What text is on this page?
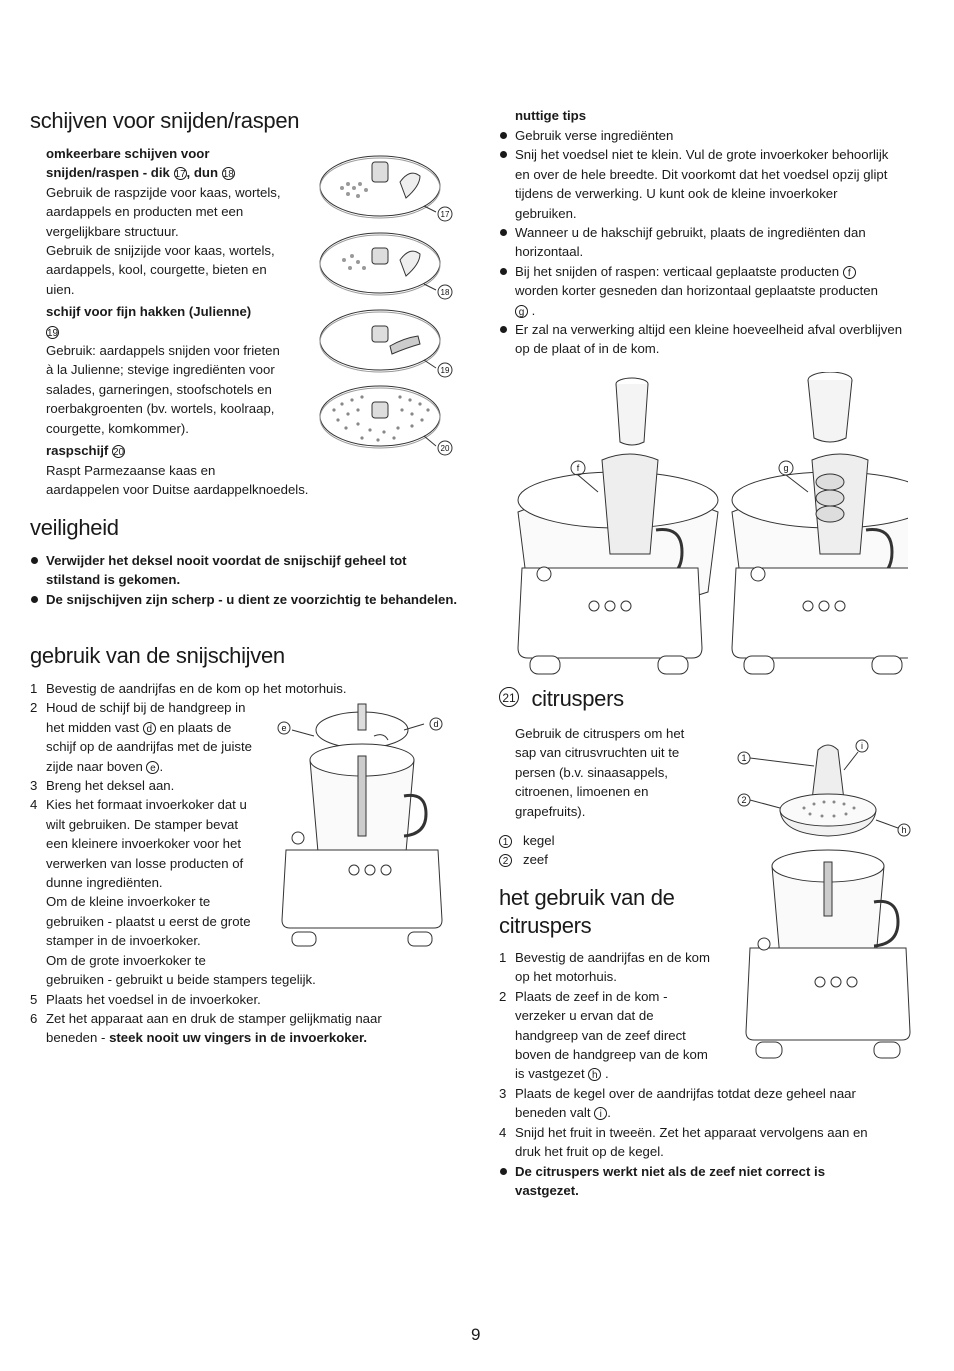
schijven voor snijden/raspen
omkeerbare schijven voor
snijden/raspen - dik 17, dun 18
Gebruik de raspzijde voor kaas, wortels,
aardappels en producten met een
vergelijkbare structuur.
Gebruik de snijzijde voor kaas, wortels,
aardappels, kool, courgette, bieten en
uien.
schijf voor fijn hakken (Julienne)
19
Gebruik: aardappels snijden voor frieten
à la Julienne; stevige ingrediënten voor
salades, garneringen, stoofschotels en
roerbakgroenten (bv. wortels, koolraap,
courgette, komkommer).
raspschijf 20
Raspt Parmezaanse kaas en
aardappelen voor Duitse aardappelknoedels.
17
18
19
20
veiligheid
Verwijder het deksel nooit voordat de snijschijf geheel tot stilstand is gekomen.
De snijschijven zijn scherp - u dient ze voorzichtig te behandelen.
gebruik van de snijschijven
1 Bevestig de aandrijfas en de kom op het motorhuis.
2 Houd de schijf bij de handgreep in
het midden vast d en plaats de
schijf op de aandrijfas met de juiste
zijde naar boven e .
3 Breng het deksel aan.
4 Kies het formaat invoerkoker dat u
wilt gebruiken. De stamper bevat
een kleinere invoerkoker voor het
verwerken van losse producten of
dunne ingrediënten.
Om de kleine invoerkoker te
gebruiken - plaatst u eerst de grote
stamper in de invoerkoker.
Om de grote invoerkoker te
gebruiken - gebruikt u beide stampers tegelijk.
5 Plaats het voedsel in de invoerkoker.
6 Zet het apparaat aan en druk de stamper gelijkmatig naar
beneden - steek nooit uw vingers in de invoerkoker.
e	d
nuttige tips
Gebruik verse ingrediënten
Snij het voedsel niet te klein. Vul de grote invoerkoker behoorlijk
en over de hele breedte. Dit voorkomt dat het voedsel opzij glipt
tijdens de verwerking. U kunt ook de kleine invoerkoker
gebruiken.
Wanneer u de hakschijf gebruikt, plaats de ingrediënten dan
horizontaal.
Bij het snijden of raspen: verticaal geplaatste producten f
worden korter gesneden dan horizontaal geplaatste producten
g .
Er zal na verwerking altijd een kleine hoeveelheid afval overblijven
op de plaat of in de kom.
f	g
21 citruspers
Gebruik de citruspers om het
sap van citrusvruchten uit te
persen (b.v. sinaasappels,
citroenen, limoenen en
grapefruits).
1 kegel
2 zeef
het gebruik van de
citruspers
1 Bevestig de aandrijfas en de kom
op het motorhuis.
2 Plaats de zeef in de kom -
verzeker u ervan dat de
handgreep van de zeef direct
boven de handgreep van de kom
is vastgezet h .
3 Plaats de kegel over de aandrijfas totdat deze geheel naar
beneden valt i .
4 Snijd het fruit in tweeën. Zet het apparaat vervolgens aan en
druk het fruit op de kegel.
De citruspers werkt niet als de zeef niet correct is
vastgezet.
1
2
i
h
9
